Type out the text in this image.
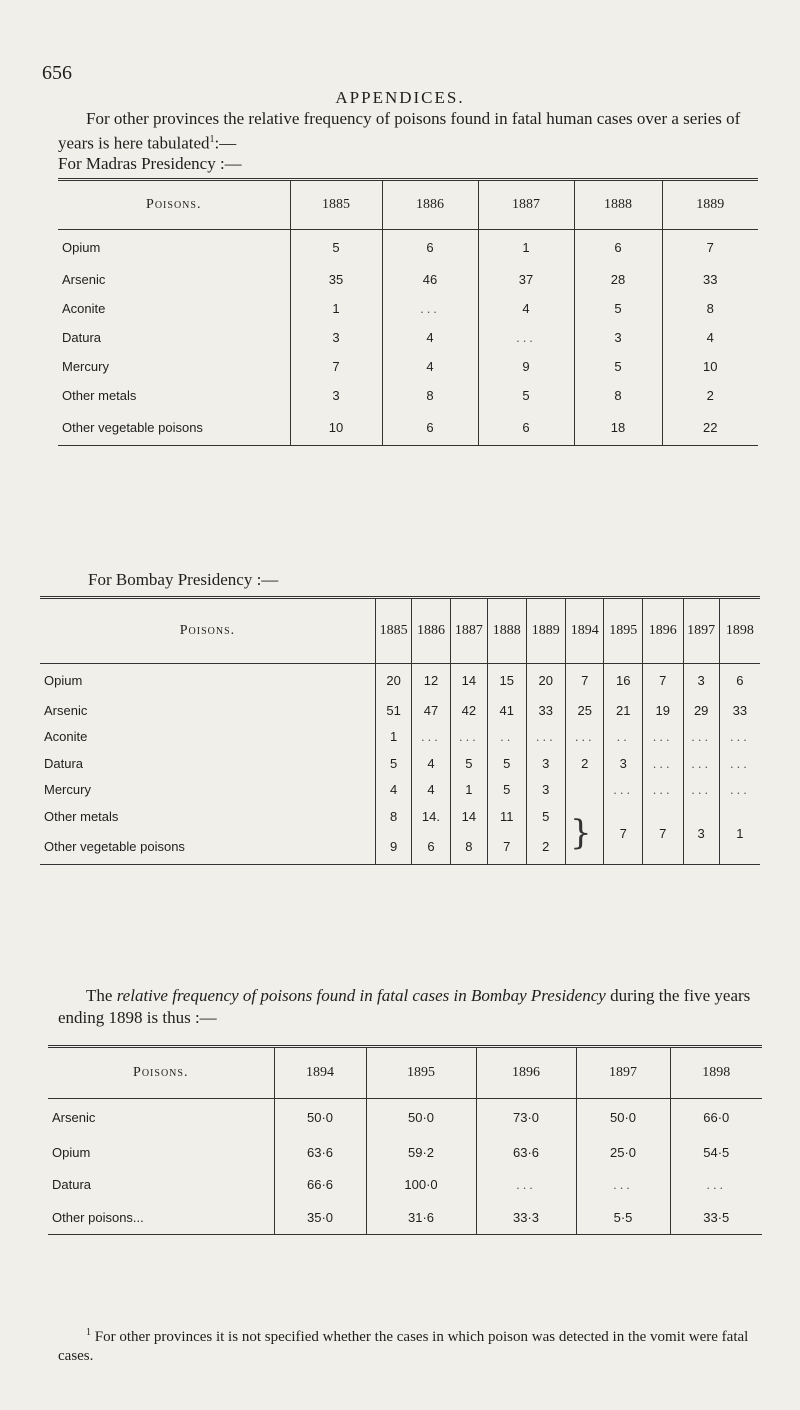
656
APPENDICES.
For other provinces the relative frequency of poisons found in fatal human cases over a series of years is here tabulated$^1$:—
For Madras Presidency :—
Poisons.	1885	1886	1887	1888	1889
Opium	5	6	1	6	7
Arsenic	35	46	37	28	33
Aconite	1	...	4	5	8
Datura	3	4	...	3	4
Mercury	7	4	9	5	10
Other metals	3	8	5	8	2
Other vegetable poisons	10	6	6	18	22
For Bombay Presidency :—
Poisons.	1885	1886	1887	1888	1889	1894	1895	1896	1897	1898
Opium	20	12	14	15	20	7	16	7	3	6
Arsenic	51	47	42	41	33	25	21	19	29	33
Aconite	1	...	...	..	...	...	..	...	...	...
Datura	5	4	5	5	3	2	3	...	...	...
Mercury	4	4	1	5	3		...	...	...	...
Other metals	8	14.	14	11	5	}	7	7	3	1
Other vegetable poisons	9	6	8	7	2					
The relative frequency of poisons found in fatal cases in Bombay Presidency during the five years ending 1898 is thus :—
Poisons.	1894	1895	1896	1897	1898
Arsenic	50·0	50·0	73·0	50·0	66·0
Opium	63·6	59·2	63·6	25·0	54·5
Datura	66·6	100·0	...	...	...
Other poisons...	35·0	31·6	33·3	5·5	33·5
$^1$ For other provinces it is not specified whether the cases in which poison was detected in the vomit were fatal cases.
